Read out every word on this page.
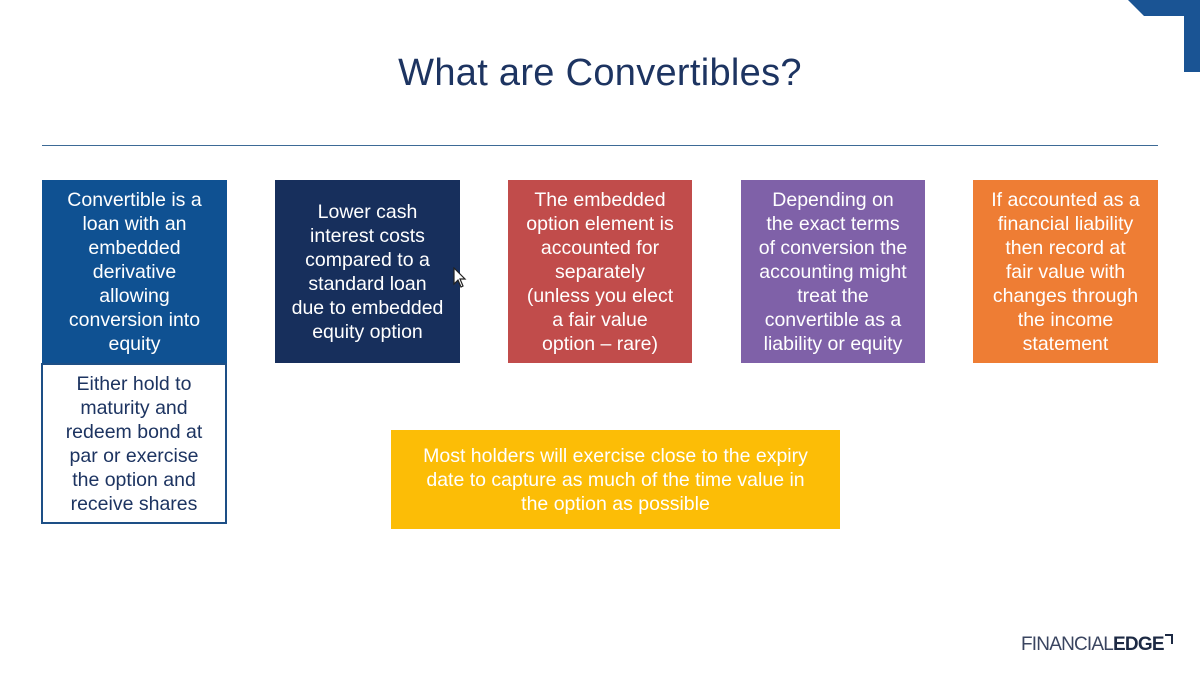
What are Convertibles?
Convertible is a
loan with an
embedded
derivative
allowing
conversion into
equity
Lower cash
interest costs
compared to a
standard loan
due to embedded
equity option
The embedded
option element is
accounted for
separately
(unless you elect
a fair value
option – rare)
Depending on
the exact terms
of conversion the
accounting might
treat the
convertible as a
liability or equity
If accounted as a
financial liability
then record at
fair value with
changes through
the income
statement
Either hold to
maturity and
redeem bond at
par or exercise
the option and
receive shares
Most holders will exercise close to the expiry
date to capture as much of the time value in
the option as possible
FINANCIAL EDGE
